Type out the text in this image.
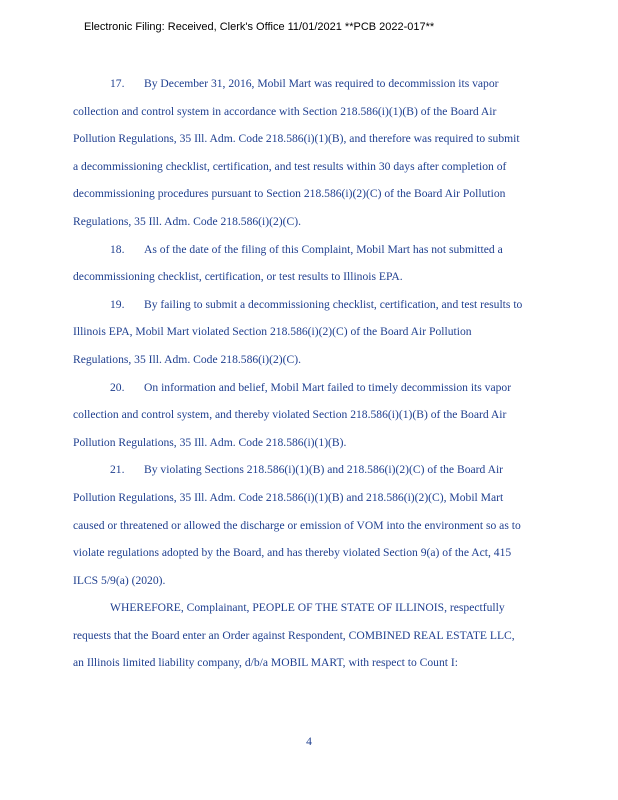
Electronic Filing: Received, Clerk's Office 11/01/2021 **PCB 2022-017**
17. By December 31, 2016, Mobil Mart was required to decommission its vapor
collection and control system in accordance with Section 218.586(i)(1)(B) of the Board Air
Pollution Regulations, 35 Ill. Adm. Code 218.586(i)(1)(B), and therefore was required to submit
a decommissioning checklist, certification, and test results within 30 days after completion of
decommissioning procedures pursuant to Section 218.586(i)(2)(C) of the Board Air Pollution
Regulations, 35 Ill. Adm. Code 218.586(i)(2)(C).
18. As of the date of the filing of this Complaint, Mobil Mart has not submitted a
decommissioning checklist, certification, or test results to Illinois EPA.
19. By failing to submit a decommissioning checklist, certification, and test results to
Illinois EPA, Mobil Mart violated Section 218.586(i)(2)(C) of the Board Air Pollution
Regulations, 35 Ill. Adm. Code 218.586(i)(2)(C).
20. On information and belief, Mobil Mart failed to timely decommission its vapor
collection and control system, and thereby violated Section 218.586(i)(1)(B) of the Board Air
Pollution Regulations, 35 Ill. Adm. Code 218.586(i)(1)(B).
21. By violating Sections 218.586(i)(1)(B) and 218.586(i)(2)(C) of the Board Air
Pollution Regulations, 35 Ill. Adm. Code 218.586(i)(1)(B) and 218.586(i)(2)(C), Mobil Mart
caused or threatened or allowed the discharge or emission of VOM into the environment so as to
violate regulations adopted by the Board, and has thereby violated Section 9(a) of the Act, 415
ILCS 5/9(a) (2020).
WHEREFORE, Complainant, PEOPLE OF THE STATE OF ILLINOIS, respectfully
requests that the Board enter an Order against Respondent, COMBINED REAL ESTATE LLC,
an Illinois limited liability company, d/b/a MOBIL MART, with respect to Count I:
4
